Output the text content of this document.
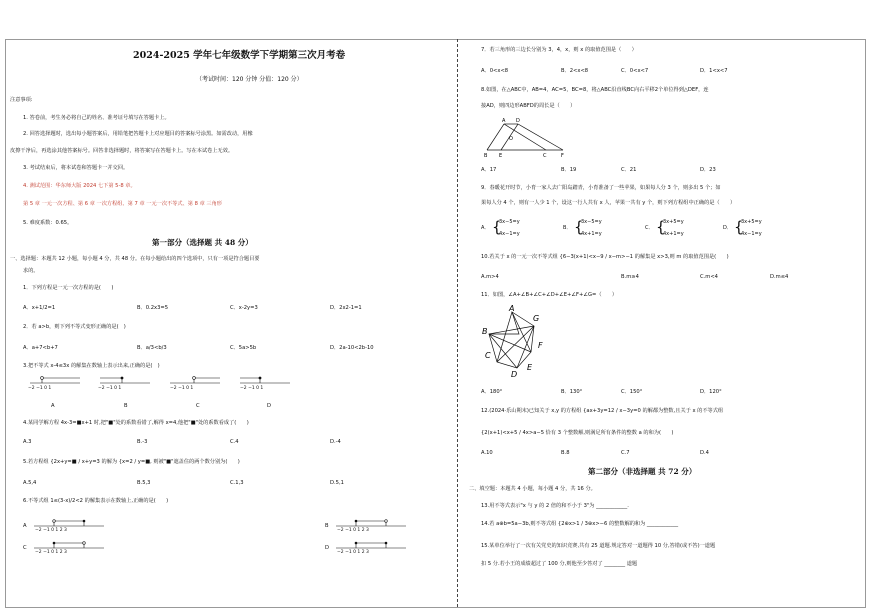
2024-2025 学年七年级数学下学期第三次月考卷
（考试时间：120 分钟 分值：120 分）
注意事项:
1. 答卷前，考生务必将自己的姓名、准考证号填写在答题卡上。
2. 回答选择题时，选出每小题答案后，用铅笔把答题卡上对应题目的答案标号涂黑。如需改动，用橡
皮擦干净后，再选涂其他答案标号。回答非选择题时，将答案写在答题卡上。写在本试卷上无效。
3. 考试结束后，将本试卷和答题卡一并交回。
4. 测试范围：华东师大版 2024 七下第 5-8 章。
第 5 章 一元一次方程、第 6 章 一次方程组、第 7 章 一元一次不等式、第 8 章 三角形
5. 难度系数：0.65。
第一部分（选择题 共 48 分）
一、选择题：本题共 12 小题，每小题 4 分，共 48 分。在每小题给出的四个选项中，只有一项是符合题目要
求的。
1．下列方程是一元一次方程的是(　　)
A．x+1/2=1	B．0.2x3=5	C．x-2y=3	D．2x2-1=1
2．若 a>b，则下列不等式变形正确的是(　)
A．a+7<b+7	B．a/3<b/3	C．5a>5b	D．2a-10<2b-10
3.把不等式 x-4≤3x 的解集在数轴上表示出来,正确的是(　)
−2 −1 0 1	−2 −1 0 1	−2 −1 0 1	−2 −1 0 1
A	B	C	D
4.某同学解方程 4x-3=■x+1 时,把"■"处的系数看错了,解得 x=4,他把"■"处的系数看成了(　　)
A.3	B.-3	C.4	D.-4
5.若方程组 {2x+y=■ / x+y=3 的解为 {x=2 / y=■, 则被"■"遮盖住的两个数分别为(　　)
A.5,4	B.5,3	C.1,3	D.5,1
6.不等式组 1≤(3-x)/2<2 的解集表示在数轴上,正确的是(　　)
A	B
C	D
−2 −1 0 1 2 3	−2 −1 0 1 2 3
−2 −1 0 1 2 3	−2 −1 0 1 2 3
7．若三角形的三边长分别为 3，4，x，则 x 的取值范围是（　　）
A．0<x<8	B．2<x<8	C．0<x<7	D．1<x<7
8.如图，在△ABC中，AB=4，AC=5，BC=8，将△ABC沿直线BC向右平移2个单位得到△DEF，连
接AD，则四边形ABFD的周长是（　　）
A D
O
B E	C	F
A．17	B．19	C．21	D．23
9．春暖花开时节，小育一家人去广阳岛踏青，小育准备了一些苹果，如果每人分 3 个，则多出 5 个；如
果每人分 4 个，则有一人少 1 个，设这一行人共有 x 人，苹果一共有 y 个，则下列方程组中正确的是（　　）
A． {
3x−5=y
4x−1=y
B． {
3x−5=y
4x+1=y
C． {
3x+5=y
4x+1=y
D． {
3x+5=y
4x−1=y
10.若关于 x 的一元一次不等式组 {6−3(x+1)<x−9 / x−m>−1 的解集是 x>3,则 m 的取值范围是(　　)
A.m>4	B.m≥4	C.m<4	D.m≤4
11．如图，∠A+∠B+∠C+∠D+∠E+∠F+∠G=（　　）
A
G
B
F
C
E
D
A．180°	B．130°	C．150°	D．120°
12.(2024·乐山期末)已知关于 x,y 的方程组 {ax+3y=12 / x−3y=0 的解都为整数,且关于 x 的不等式组
{2(x+1)<x+5 / 4x>a−5 恰有 3 个整数解,则满足所有条件的整数 a 的和为(　　)
A.10	B.8	C.7	D.4
第二部分（非选择题 共 72 分）
二、填空题：本题共 4 小题，每小题 4 分，共 16 分。
13.用不等式表示"x 与 y 的 2 倍的和不小于 3"为 ____________.
14.若 a⊕b=5a−3b,则不等式组 {2⊕x>1 / 3⊕x>−6 的整数解的和为 ____________
15.某单位举行了一次有关党史的知识竞赛,共有 25 道题.规定答对一道题得 10 分,答错(或不答)一道题
扣 5 分.若小王的成绩超过了 100 分,则他至少答对了 ________ 道题
